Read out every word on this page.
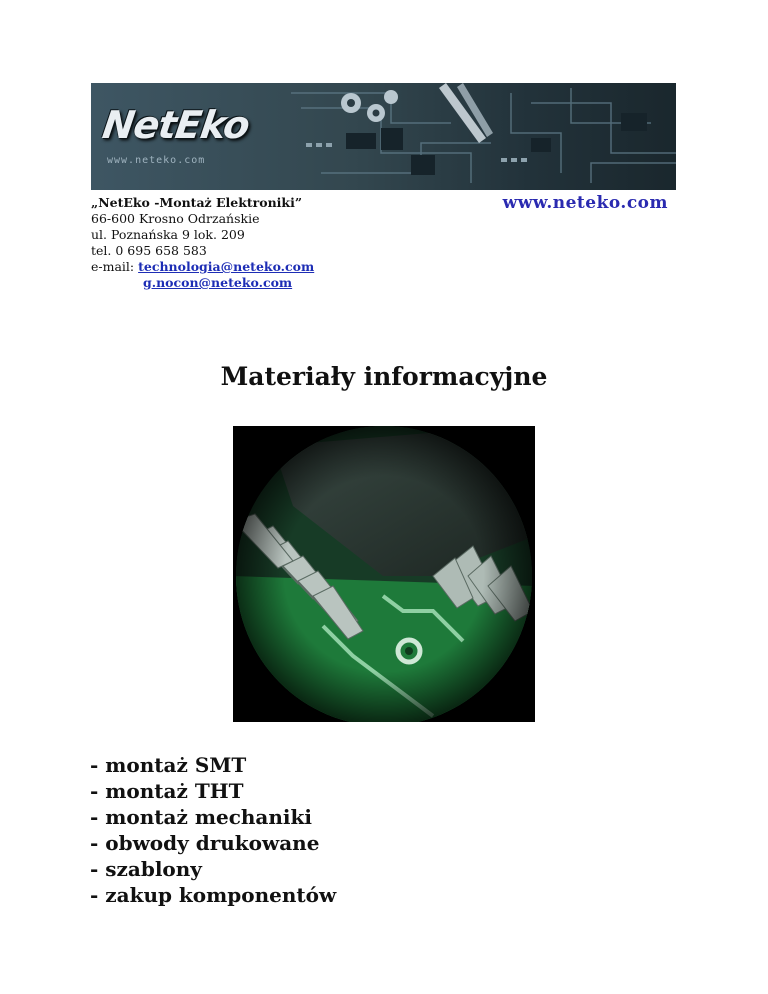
NetEko
www.neteko.com
„NetEko -Montaż Elektroniki”
66-600 Krosno Odrzańskie
ul. Poznańska 9 lok. 209
tel. 0 695 658 583
e-mail: technologia@neteko.com
g.nocon@neteko.com
www.neteko.com
Materiały informacyjne
- montaż SMT
- montaż THT
- montaż mechaniki
- obwody drukowane
- szablony
- zakup komponentów
